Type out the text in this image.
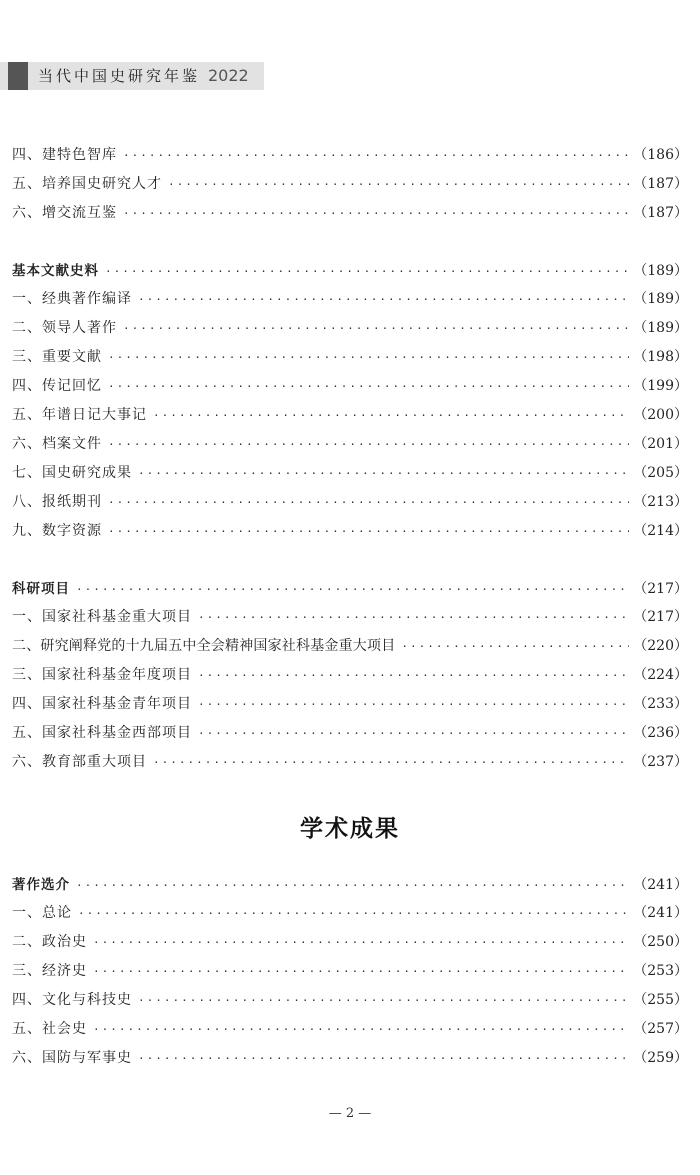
当代中国史研究年鉴 2022
四、建特色智库 ·····	（186）
五、培养国史研究人才 ·····	（187）
六、增交流互鉴 ·····	（187）
基本文献史料 ·····	（189）
一、经典著作编译 ·····	（189）
二、领导人著作 ·····	（189）
三、重要文献 ·····	（198）
四、传记回忆 ·····	（199）
五、年谱日记大事记 ·····	（200）
六、档案文件 ·····	（201）
七、国史研究成果 ·····	（205）
八、报纸期刊 ·····	（213）
九、数字资源 ·····	（214）
科研项目 ·····	（217）
一、国家社科基金重大项目 ·····	（217）
二、研究阐释党的十九届五中全会精神国家社科基金重大项目 ·····	（220）
三、国家社科基金年度项目 ·····	（224）
四、国家社科基金青年项目 ·····	（233）
五、国家社科基金西部项目 ·····	（236）
六、教育部重大项目 ·····	（237）
学术成果
著作选介 ·····	（241）
一、总论 ·····	（241）
二、政治史 ·····	（250）
三、经济史 ·····	（253）
四、文化与科技史 ·····	（255）
五、社会史 ·····	（257）
六、国防与军事史 ·····	（259）
— 2 —
